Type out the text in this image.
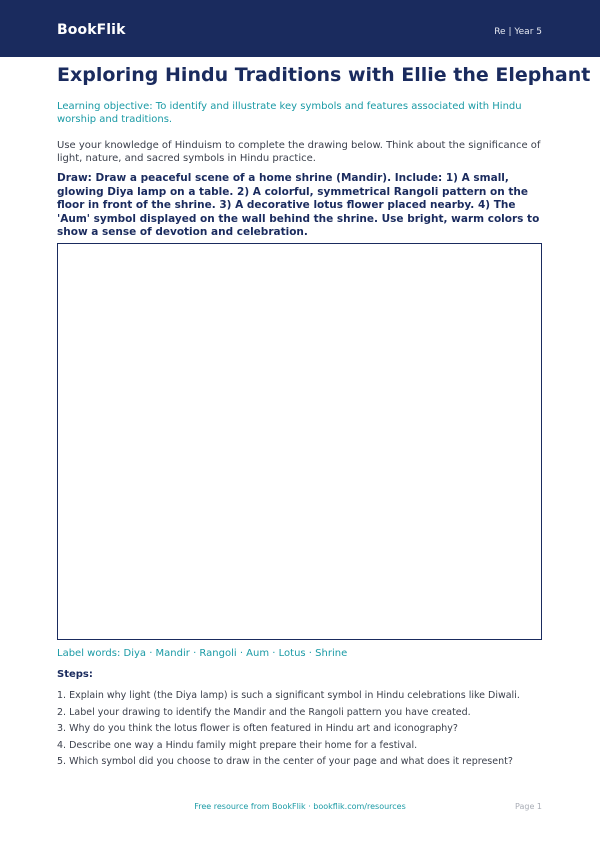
BookFlik	Re | Year 5
Exploring Hindu Traditions with Ellie the Elephant
Learning objective: To identify and illustrate key symbols and features associated with Hindu worship and traditions.
Use your knowledge of Hinduism to complete the drawing below. Think about the significance of light, nature, and sacred symbols in Hindu practice.
Draw: Draw a peaceful scene of a home shrine (Mandir). Include: 1) A small, glowing Diya lamp on a table. 2) A colorful, symmetrical Rangoli pattern on the floor in front of the shrine. 3) A decorative lotus flower placed nearby. 4) The 'Aum' symbol displayed on the wall behind the shrine. Use bright, warm colors to show a sense of devotion and celebration.
Label words: Diya · Mandir · Rangoli · Aum · Lotus · Shrine
Steps:
1. Explain why light (the Diya lamp) is such a significant symbol in Hindu celebrations like Diwali.
2. Label your drawing to identify the Mandir and the Rangoli pattern you have created.
3. Why do you think the lotus flower is often featured in Hindu art and iconography?
4. Describe one way a Hindu family might prepare their home for a festival.
5. Which symbol did you choose to draw in the center of your page and what does it represent?
Free resource from BookFlik · bookflik.com/resources	Page 1
